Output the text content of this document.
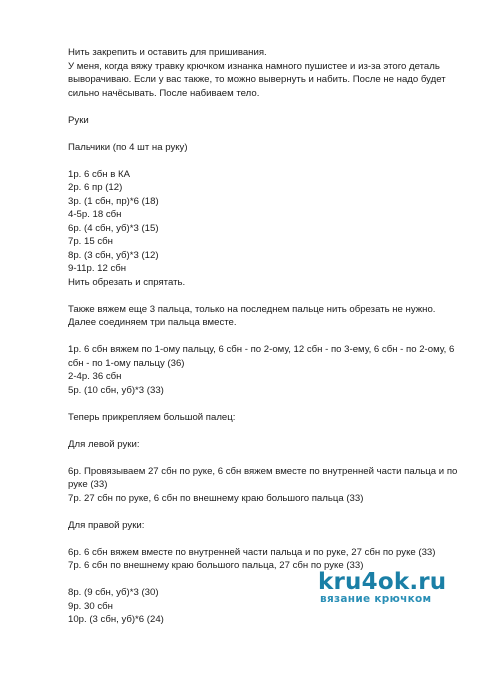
Нить закрепить и оставить для пришивания.
У меня, когда вяжу травку крючком изнанка намного пушистее и из-за этого деталь
выворачиваю. Если у вас также, то можно вывернуть и набить. После не надо будет
сильно начёсывать. После набиваем тело.
Руки
Пальчики (по 4 шт на руку)
1р. 6 сбн в КА
2р. 6 пр (12)
3р. (1 сбн, пр)*6 (18)
4-5р. 18 сбн
6р. (4 сбн, уб)*3 (15)
7р. 15 сбн
8р. (3 сбн, уб)*3 (12)
9-11р. 12 сбн
Нить обрезать и спрятать.
Также вяжем еще 3 пальца, только на последнем пальце нить обрезать не нужно.
Далее соединяем три пальца вместе.
1р. 6 сбн вяжем по 1-ому пальцу, 6 сбн - по 2-ому, 12 сбн - по 3-ему, 6 сбн - по 2-ому, 6
сбн - по 1-ому пальцу (36)
2-4р. 36 сбн
5р. (10 сбн, уб)*3 (33)
Теперь прикрепляем большой палец:
Для левой руки:
6р. Провязываем 27 сбн по руке, 6 сбн вяжем вместе по внутренней части пальца и по
руке (33)
7р. 27 сбн по руке, 6 сбн по внешнему краю большого пальца (33)
Для правой руки:
6р. 6 сбн вяжем вместе по внутренней части пальца и по руке, 27 сбн по руке (33)
7р. 6 сбн по внешнему краю большого пальца, 27 сбн по руке (33)
8р. (9 сбн, уб)*3 (30)
9р. 30 сбн
10р. (3 сбн, уб)*6 (24)
kru4ok.ru
вязание крючком
